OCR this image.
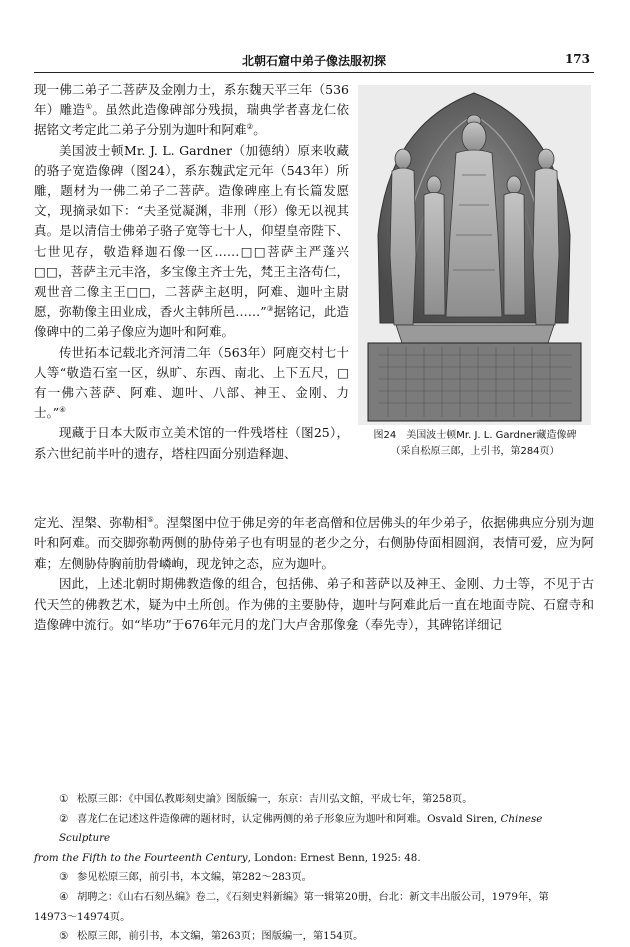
北朝石窟中弟子像法服初探	173

现一佛二弟子二菩萨及金刚力士，系东魏天平三年（536年）雕造①。虽然此造像碑部分残损，瑞典学者喜龙仁依据铭文考定此二弟子分别为迦叶和阿难②。

美国波士顿Mr. J. L. Gardner（加德纳）原来收藏的骆子宽造像碑（图24），系东魏武定元年（543年）所雕，题材为一佛二弟子二菩萨。造像碑座上有长篇发愿文，现摘录如下：“夫圣觉凝渊，非刑（形）像无以视其真。是以清信士佛弟子骆子宽等七十人，仰望皇帝陛下、七世见存，敬造释迦石像一区……□□菩萨主严蓬兴□□，菩萨主元丰洛，多宝像主齐士先，梵王主洛苟仁，观世音二像主王□□，二菩萨主赵明，阿难、迦叶主尉愿，弥勒像主田业成，香火主韩所邑……”③据铭记，此造像碑中的二弟子像应为迦叶和阿难。

传世拓本记载北齐河清二年（563年）阿鹿交村七十人等“敬造石室一区，纵旷、东西、南北、上下五尺，□有一佛六菩萨、阿难、迦叶、八部、神王、金刚、力士。”④

现藏于日本大阪市立美术馆的一件残塔柱（图25），系六世纪前半叶的遗存，塔柱四面分别造释迦、

图24　美国波士顿Mr. J. L. Gardner藏造像碑
（采自松原三郎，上引书，第284页）

定光、涅槃、弥勒相⑤。涅槃图中位于佛足旁的年老高僧和位居佛头的年少弟子，依据佛典应分别为迦叶和阿难。而交脚弥勒两侧的胁侍弟子也有明显的老少之分，右侧胁侍面相圆润，表情可爱，应为阿难；左侧胁侍胸前肋骨嶙峋，现龙钟之态，应为迦叶。

因此，上述北朝时期佛教造像的组合，包括佛、弟子和菩萨以及神王、金刚、力士等，不见于古代天竺的佛教艺术，疑为中土所创。作为佛的主要胁侍，迦叶与阿难此后一直在地面寺院、石窟寺和造像碑中流行。如“毕功”于676年元月的龙门大卢舍那像龛（奉先寺），其碑铭详细记

① 松原三郎：《中国仏教彫刻史論》图版编一，东京：吉川弘文館，平成七年，第258页。

② 喜龙仁在记述这件造像碑的题材时，认定佛两侧的弟子形象应为迦叶和阿难。Osvald Siren, Chinese Sculpture

from the Fifth to the Fourteenth Century, London: Ernest Benn, 1925: 48.

③ 参见松原三郎，前引书，本文编，第282～283页。

④ 胡聘之：《山右石刻丛编》卷二，《石刻史料新编》第一辑第20册，台北：新文丰出版公司，1979年，第

14973～14974页。

⑤ 松原三郎，前引书，本文编，第263页；图版编一，第154页。
